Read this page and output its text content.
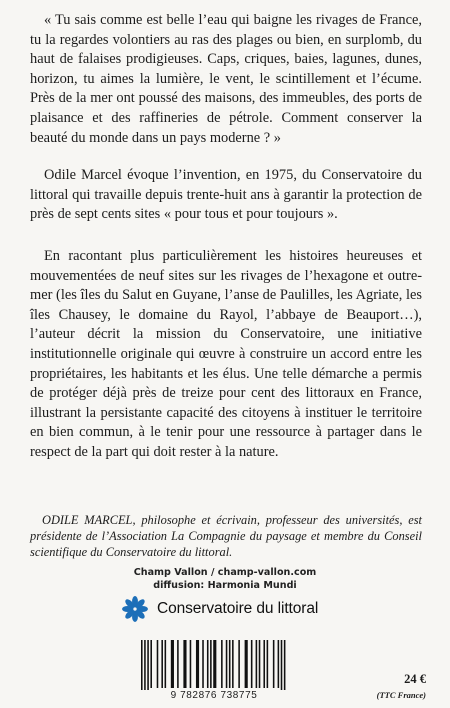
« Tu sais comme est belle l’eau qui baigne les rivages de France, tu la regardes volontiers au ras des plages ou bien, en surplomb, du haut de falaises prodigieuses. Caps, criques, baies, lagunes, dunes, horizon, tu aimes la lumière, le vent, le scintillement et l’écume. Près de la mer ont poussé des maisons, des immeubles, des ports de plaisance et des raffineries de pétrole. Comment conserver la beauté du monde dans un pays moderne ? »

Odile Marcel évoque l’invention, en 1975, du Conservatoire du littoral qui travaille depuis trente-huit ans à garantir la protection de près de sept cents sites « pour tous et pour toujours ».

En racontant plus particulièrement les histoires heureuses et mouvementées de neuf sites sur les rivages de l’hexagone et outre-mer (les îles du Salut en Guyane, l’anse de Paulilles, les Agriate, les îles Chausey, le domaine du Rayol, l’abbaye de Beauport…), l’auteur décrit la mission du Conservatoire, une initiative institutionnelle originale qui œuvre à construire un accord entre les propriétaires, les habitants et les élus. Une telle démarche a permis de protéger déjà près de treize pour cent des littoraux en France, illustrant la persistante capacité des citoyens à instituer le territoire en bien commun, à le tenir pour une ressource à partager dans le respect de la part qui doit rester à la nature.

ODILE MARCEL, philosophe et écrivain, professeur des universités, est présidente de l’Association La Compagnie du paysage et membre du Conseil scientifique du Conservatoire du littoral.

Champ Vallon / champ-vallon.com
diffusion: Harmonia Mundi
Conservatoire du littoral
9 782876 738775
24 €
(TTC France)
